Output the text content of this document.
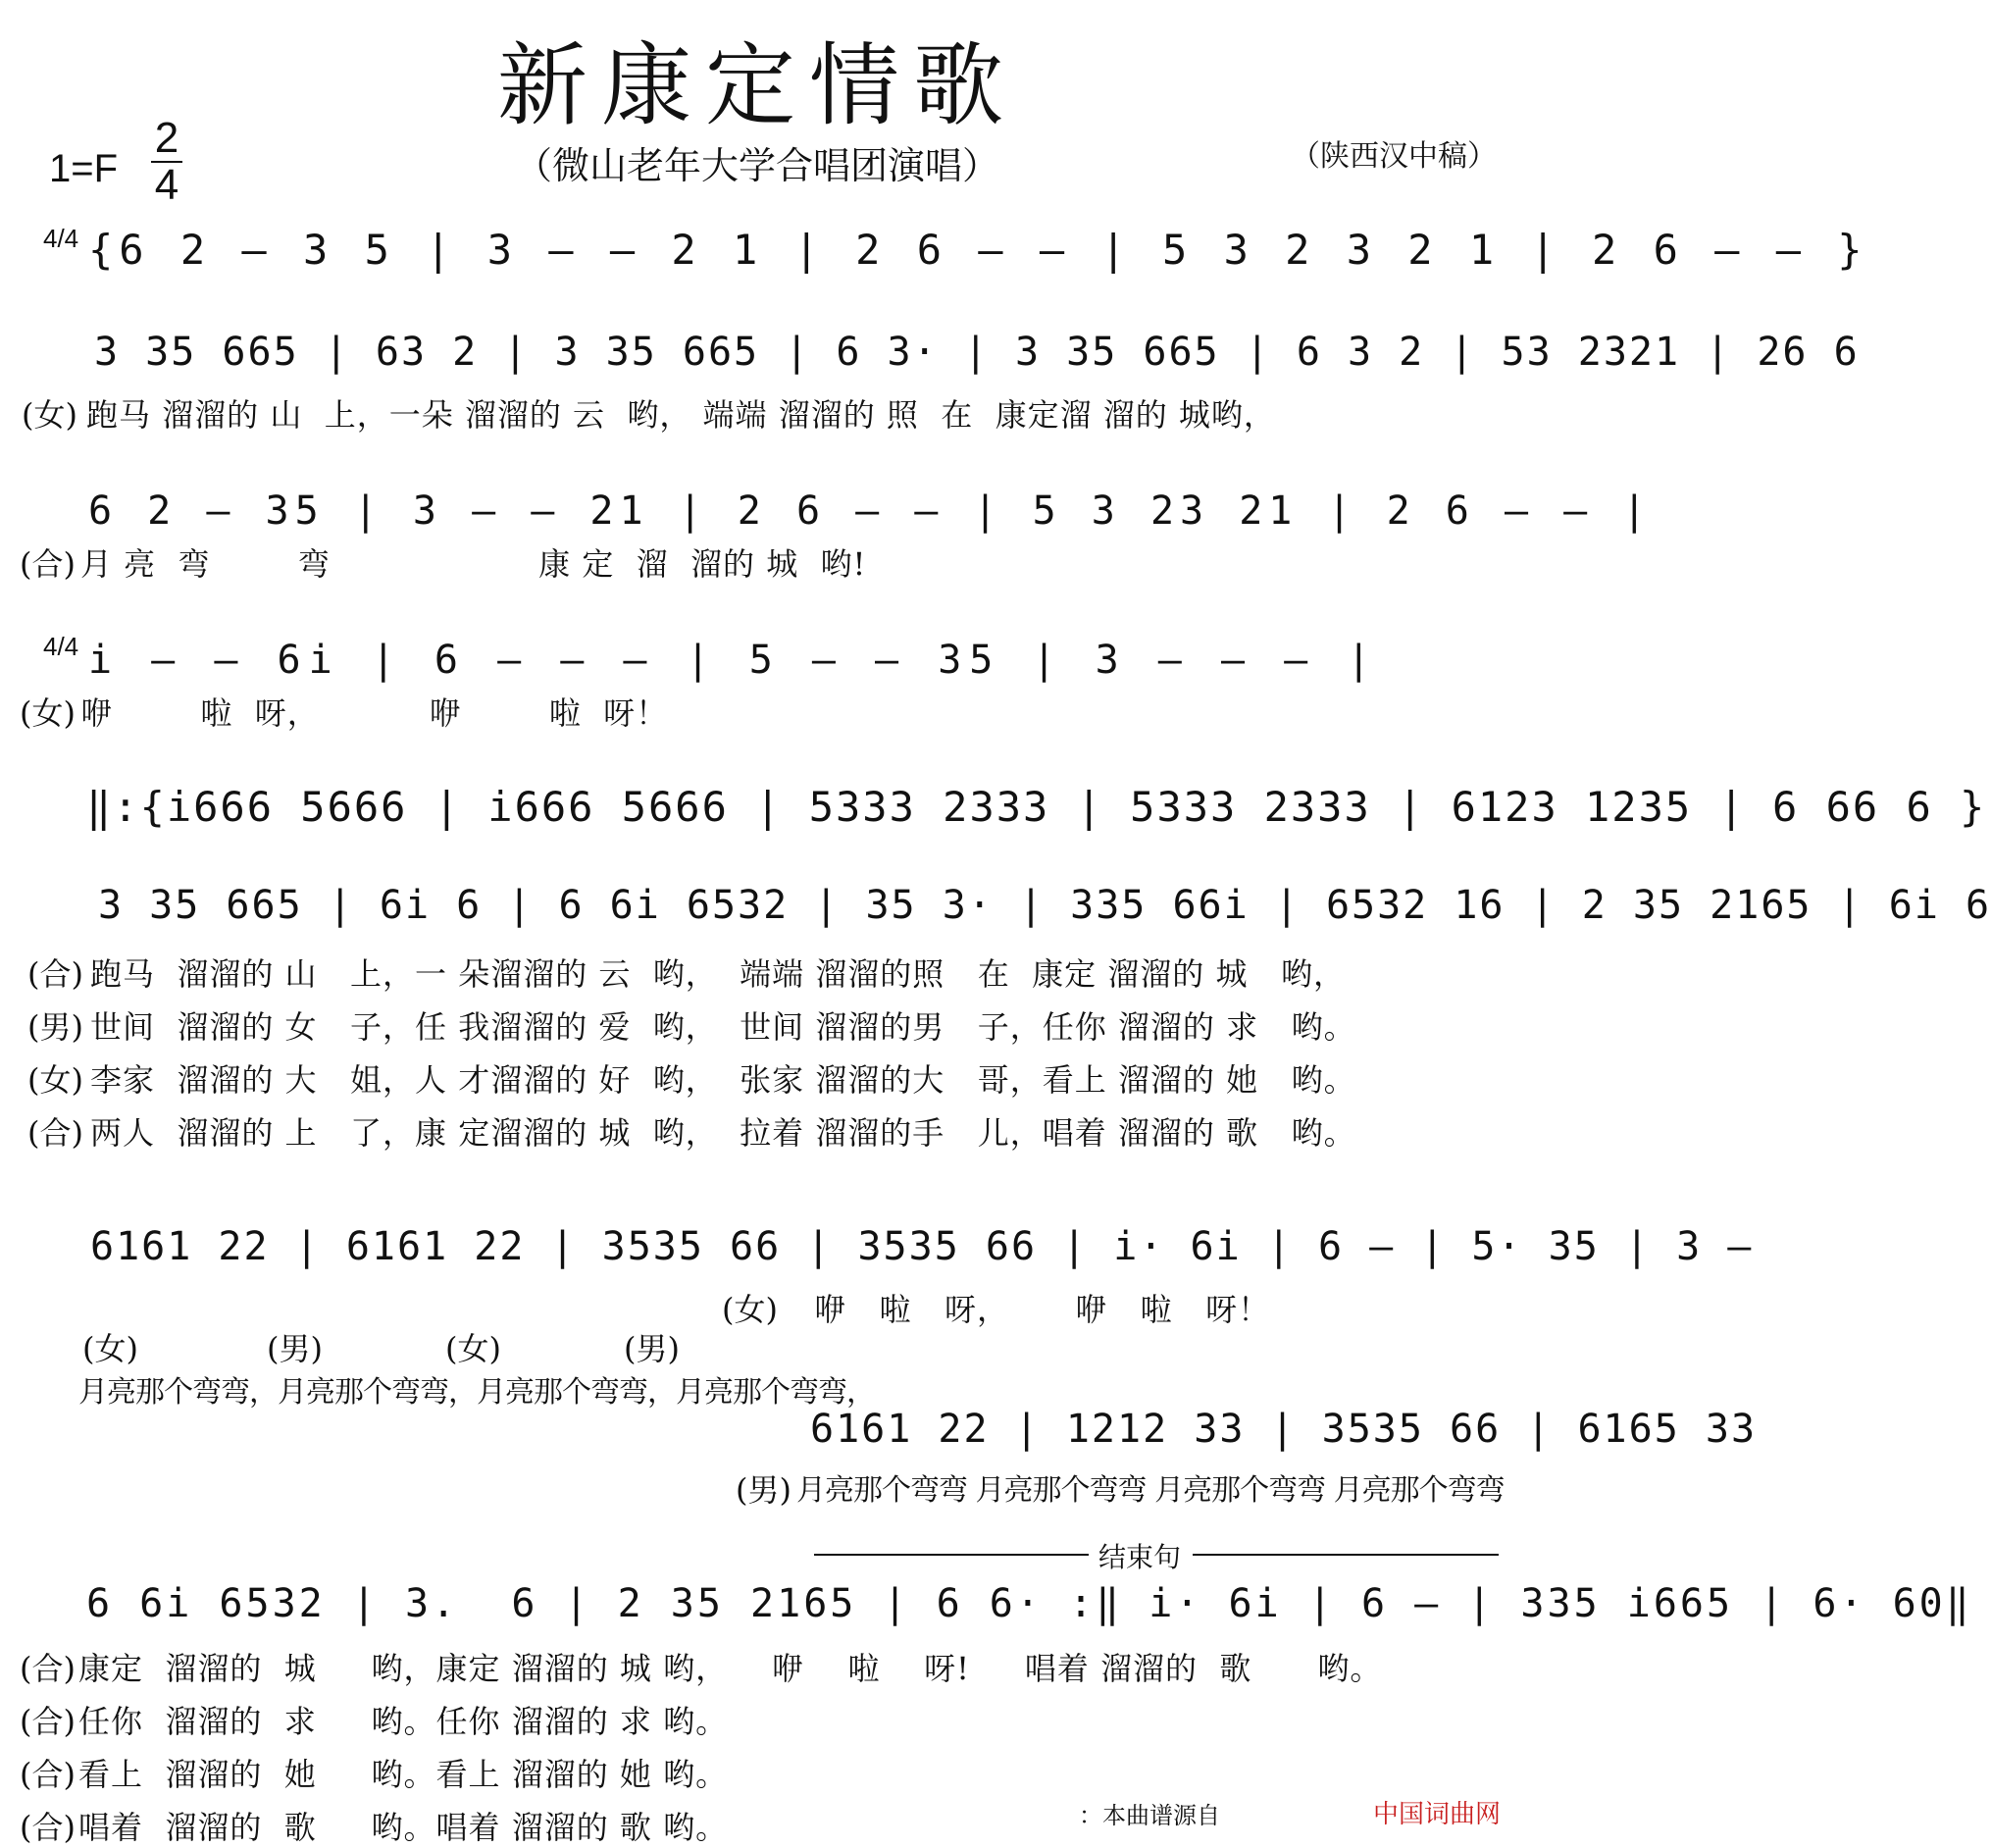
新康定情歌
（微山老年大学合唱团演唱）	（陕西汉中稿）
1=F
2
4
4/4 {6 2 – 3 5 | 3 – – 2 1 | 2 6 – – | 5 3 2 3 2 1 | 2 6 – – }
3 35 665 | 63 2 | 3 35 665 | 6 3· | 3 35 665 | 6 3 2 | 53 2321 | 26 6
(女) 跑马 溜溜的 山  上，一朵 溜溜的 云  哟， 端端 溜溜的 照  在  康定溜 溜的 城哟，
6 2 – 35 | 3 – – 21 | 2 6 – – | 5 3 23 21 | 2 6 – – |
(合) 月 亮  弯        弯                   康 定  溜  溜的 城  哟!
4/4 i – – 6i | 6 – – – | 5 – – 35 | 3 – – – |
(女) 咿        啦  呀，          咿        啦  呀！
‖:{i666 5666 | i666 5666 | 5333 2333 | 5333 2333 | 6123 1235 | 6 66 6 }
3 35 665 | 6i 6 | 6 6i 6532 | 35 3· | 335 66i | 6532 16 | 2 35 2165 | 6i 6
(合) 跑马  溜溜的 山   上，一 朵溜溜的 云  哟，  端端 溜溜的照   在  康定 溜溜的 城   哟，
(男) 世间  溜溜的 女   子，任 我溜溜的 爱  哟，  世间 溜溜的男   子，任你 溜溜的 求   哟。
(女) 李家  溜溜的 大   姐，人 才溜溜的 好  哟，  张家 溜溜的大   哥，看上 溜溜的 她   哟。
(合) 两人  溜溜的 上   了，康 定溜溜的 城  哟，  拉着 溜溜的手   儿，唱着 溜溜的 歌   哟。
6161 22 | 6161 22 | 3535 66 | 3535 66 | i· 6i | 6 – | 5· 35 | 3 –
(女) 咿   啦   呀，      咿   啦   呀！
(女)	(男)	(女)	(男)
月亮那个弯弯，月亮那个弯弯，月亮那个弯弯，月亮那个弯弯，
6161 22 | 1212 33 | 3535 66 | 6165 33
(男) 月亮那个弯弯 月亮那个弯弯 月亮那个弯弯 月亮那个弯弯
结束句
6 6i 6532 | 3.  6 | 2 35 2165 | 6 6· :‖ i· 6i | 6 – | 335 i665 | 6· 60‖
(合) 康定  溜溜的  城     哟，康定 溜溜的 城 哟，    咿    啦    呀!     唱着 溜溜的  歌      哟。
(合) 任你  溜溜的  求     哟。任你 溜溜的 求 哟。
(合) 看上  溜溜的  她     哟。看上 溜溜的 她 哟。
(合) 唱着  溜溜的  歌     哟。唱着 溜溜的 歌 哟。	：本曲谱源自	中国词曲网
